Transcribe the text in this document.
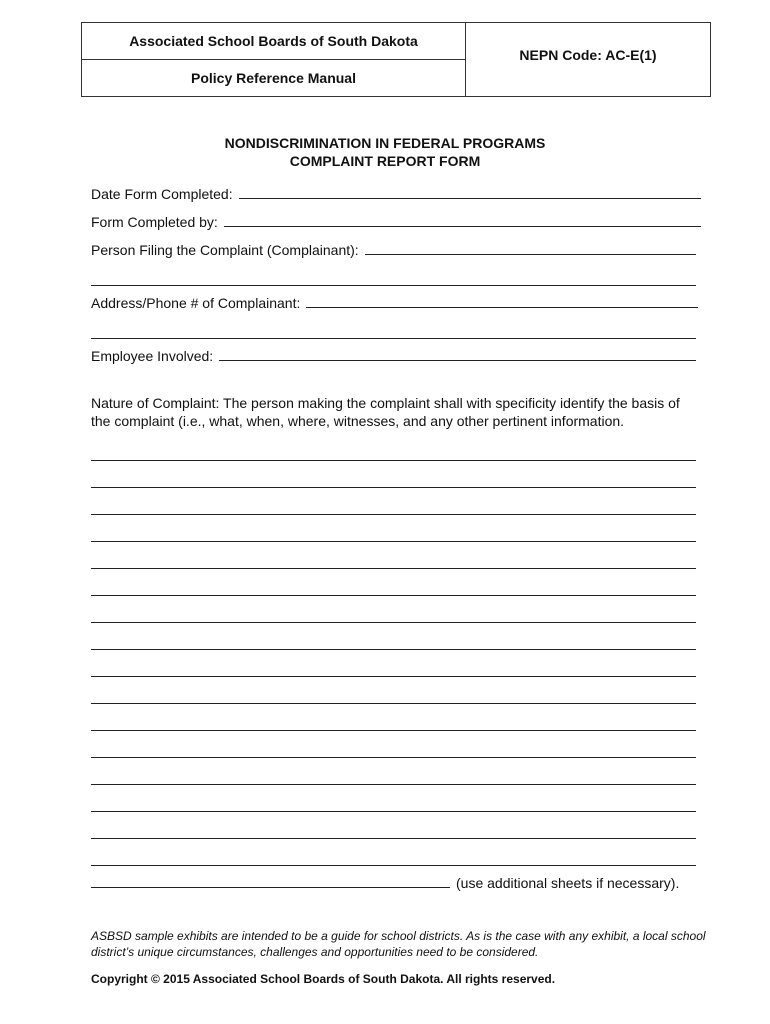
Associated School Boards of South Dakota
Policy Reference Manual
NEPN Code: AC-E(1)
NONDISCRIMINATION IN FEDERAL PROGRAMS
COMPLAINT REPORT FORM
Date Form Completed:
Form Completed by:
Person Filing the Complaint (Complainant):
Address/Phone # of Complainant:
Employee Involved:
Nature of Complaint: The person making the complaint shall with specificity identify the basis of the complaint (i.e., what, when, where, witnesses, and any other pertinent information.
(use additional sheets if necessary).
ASBSD sample exhibits are intended to be a guide for school districts. As is the case with any exhibit, a local school district’s unique circumstances, challenges and opportunities need to be considered.
Copyright © 2015 Associated School Boards of South Dakota. All rights reserved.
